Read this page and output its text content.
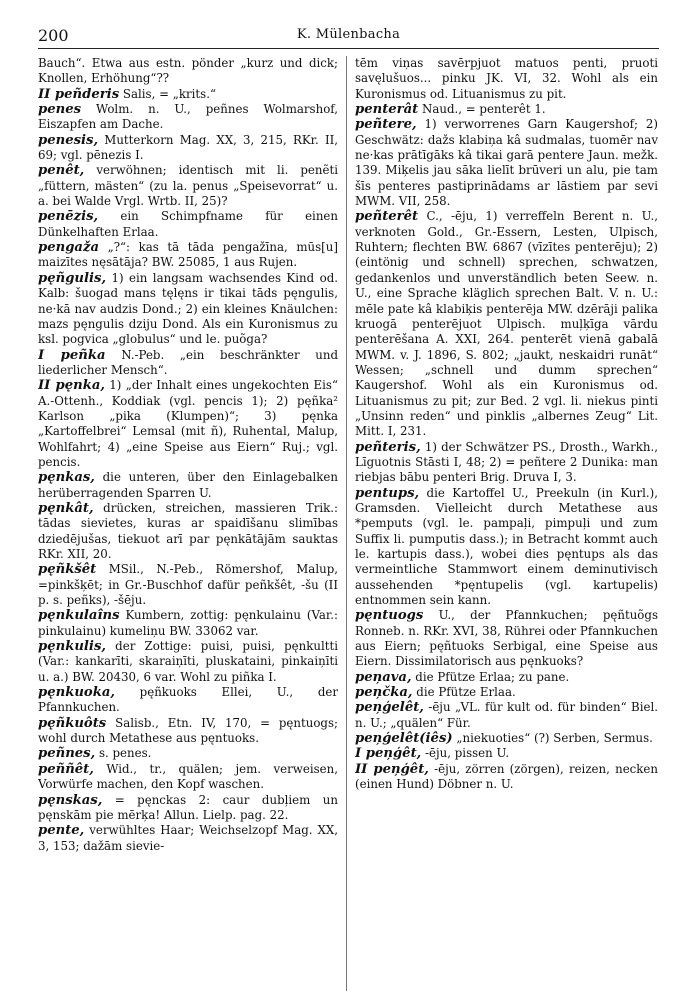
200	K. Mülenbacha

Bauch“. Etwa aus estn. pönder „kurz und dick; Knollen, Erhöhung“??

II peñderis Salis, = „krits.“

penes Wolm. n. U., peñnes Wolmarshof, Eiszapfen am Dache.

penesis, Mutterkorn Mag. XX, 3, 215, RKr. II, 69; vgl. pēnezis I.

penêt, verwöhnen; identisch mit li. penẽti „füttern, mästen“ (zu la. penus „Speisevorrat“ u. a. bei Walde Vrgl. Wrtb. II, 25)?

penēzis, ein Schimpfname für einen Dünkelhaften Erlaa.

pengaža „?“: kas tā tāda pengažīna, mūs[u] maizītes nęsātāja? BW. 25085, 1 aus Rujen.

pęñgulis, 1) ein langsam wachsendes Kind od. Kalb: šuogad mans tęlęns ir tikai tāds pęngulis, ne·kā nav audzis Dond.; 2) ein kleines Knäulchen: mazs pęngulis dziju Dond. Als ein Kuronismus zu ksl. pogvica „globulus“ und le. puõga?

I peñka N.-Peb. „ein beschränkter und liederlicher Mensch“.

II pęnka, 1) „der Inhalt eines ungekochten Eis“ A.-Ottenh., Koddiak (vgl. pencis 1); 2) pęñka² Karlson „pika (Klumpen)“; 3) pęnka „Kartoffelbrei“ Lemsal (mit ñ), Ruhental, Malup, Wohlfahrt; 4) „eine Speise aus Eiern“ Ruj.; vgl. pencis.

pęnkas, die unteren, über den Einlagebalken herüberragenden Sparren U.

pęnkât, drücken, streichen, massieren Trik.: tādas sievietes, kuras ar spaidīšanu slimības dziedējušas, tiekuot arī par pęnkātājām sauktas RKr. XII, 20.

pęñkšêt MSil., N.-Peb., Römershof, Malup, =pinkšķēt; in Gr.-Buschhof dafür peñkšêt, -šu (II p. s. peñks), -šēju.

pęnkulaîns Kumbern, zottig: pęnkulainu (Var.: pinkulainu) kumeliņu BW. 33062 var.

pęnkulis, der Zottige: puisi, puisi, pęnkultti (Var.: kankarīti, skaraiņīti, pluskataini, pinkaiņīti u. a.) BW. 20430, 6 var. Wohl zu piñka I.

pęnkuoka, pęñkuoks Ellei, U., der Pfannkuchen.

pęñkuôts Salisb., Etn. IV, 170, = pęntuogs; wohl durch Metathese aus pęntuoks.

peñnes, s. penes.

peññêt, Wid., tr., quälen; jem. verweisen, Vorwürfe machen, den Kopf waschen.

pęnskas, = pęnckas 2: caur dubļiem un pęnskām pie mērķa! Allun. Lielp. pag. 22.

pente, verwühltes Haar; Weichselzopf Mag. XX, 3, 153; dažām sievie-

tēm viņas savērpjuot matuos penti, pruoti savęlušuos... pinku JK. VI, 32. Wohl als ein Kuronismus od. Lituanismus zu pit.

penterât Naud., = penterêt 1.

peñtere, 1) verworrenes Garn Kaugershof; 2) Geschwätz: dažs klabiņa kâ sudmalas, tuomēr nav ne·kas prātīgāks kâ tikai garā pentere Jaun. mežk. 139. Miķelis jau sāka lielīt brūveri un alu, pie tam šīs penteres pastiprinādams ar lāstiem par sevi MWM. VII, 258.

peñterêt C., -ēju, 1) verreffeln Berent n. U., verknoten Gold., Gr.-Essern, Lesten, Ulpisch, Ruhtern; flechten BW. 6867 (vīzītes penterēju); 2) (eintönig und schnell) sprechen, schwatzen, gedankenlos und unverständlich beten Seew. n. U., eine Sprache kläglich sprechen Balt. V. n. U.: mēle pate kâ klabiķis penterēja MW. dzērāji palika kruogā penterējuot Ulpisch. muļķīga vārdu penterēšana A. XXI, 264. penterēt vienā gabalā MWM. v. J. 1896, S. 802; „jaukt, neskaidri runāt“ Wessen; „schnell und dumm sprechen“ Kaugershof. Wohl als ein Kuronismus od. Lituanismus zu pit; zur Bed. 2 vgl. li. niekus pinti „Unsinn reden“ und pinklis „albernes Zeug“ Lit. Mitt. I, 231.

peñteris, 1) der Schwätzer PS., Drosth., Warkh., Līguotnis Stāsti I, 48; 2) = peñtere 2 Dunika: man riebjas bābu penteri Brig. Druva I, 3.

pentups, die Kartoffel U., Preekuln (in Kurl.), Gramsden. Vielleicht durch Metathese aus *pemputs (vgl. le. pampaļi, pimpuļi und zum Suffix li. pumputis dass.); in Betracht kommt auch le. kartupis dass.), wobei dies pęntups als das vermeintliche Stammwort einem deminutivisch aussehenden *pęntupelis (vgl. kartupelis) entnommen sein kann.

pęntuogs U., der Pfannkuchen; pęñtuõgs Ronneb. n. RKr. XVI, 38, Rührei oder Pfannkuchen aus Eiern; pęñtuoks Serbigal, eine Speise aus Eiern. Dissimilatorisch aus pęnkuoks?

peņava, die Pfütze Erlaa; zu pane.

peņčka, die Pfütze Erlaa.

peņģelêt, -ēju „VL. für kult od. für binden“ Biel. n. U.; „quälen“ Für.

peņģelêt(iês) „niekuoties“ (?) Serben, Sermus.

I peņģêt, -ēju, pissen U.

II peņģêt, -ēju, zörren (zörgen), reizen, necken (einen Hund) Döbner n. U.
